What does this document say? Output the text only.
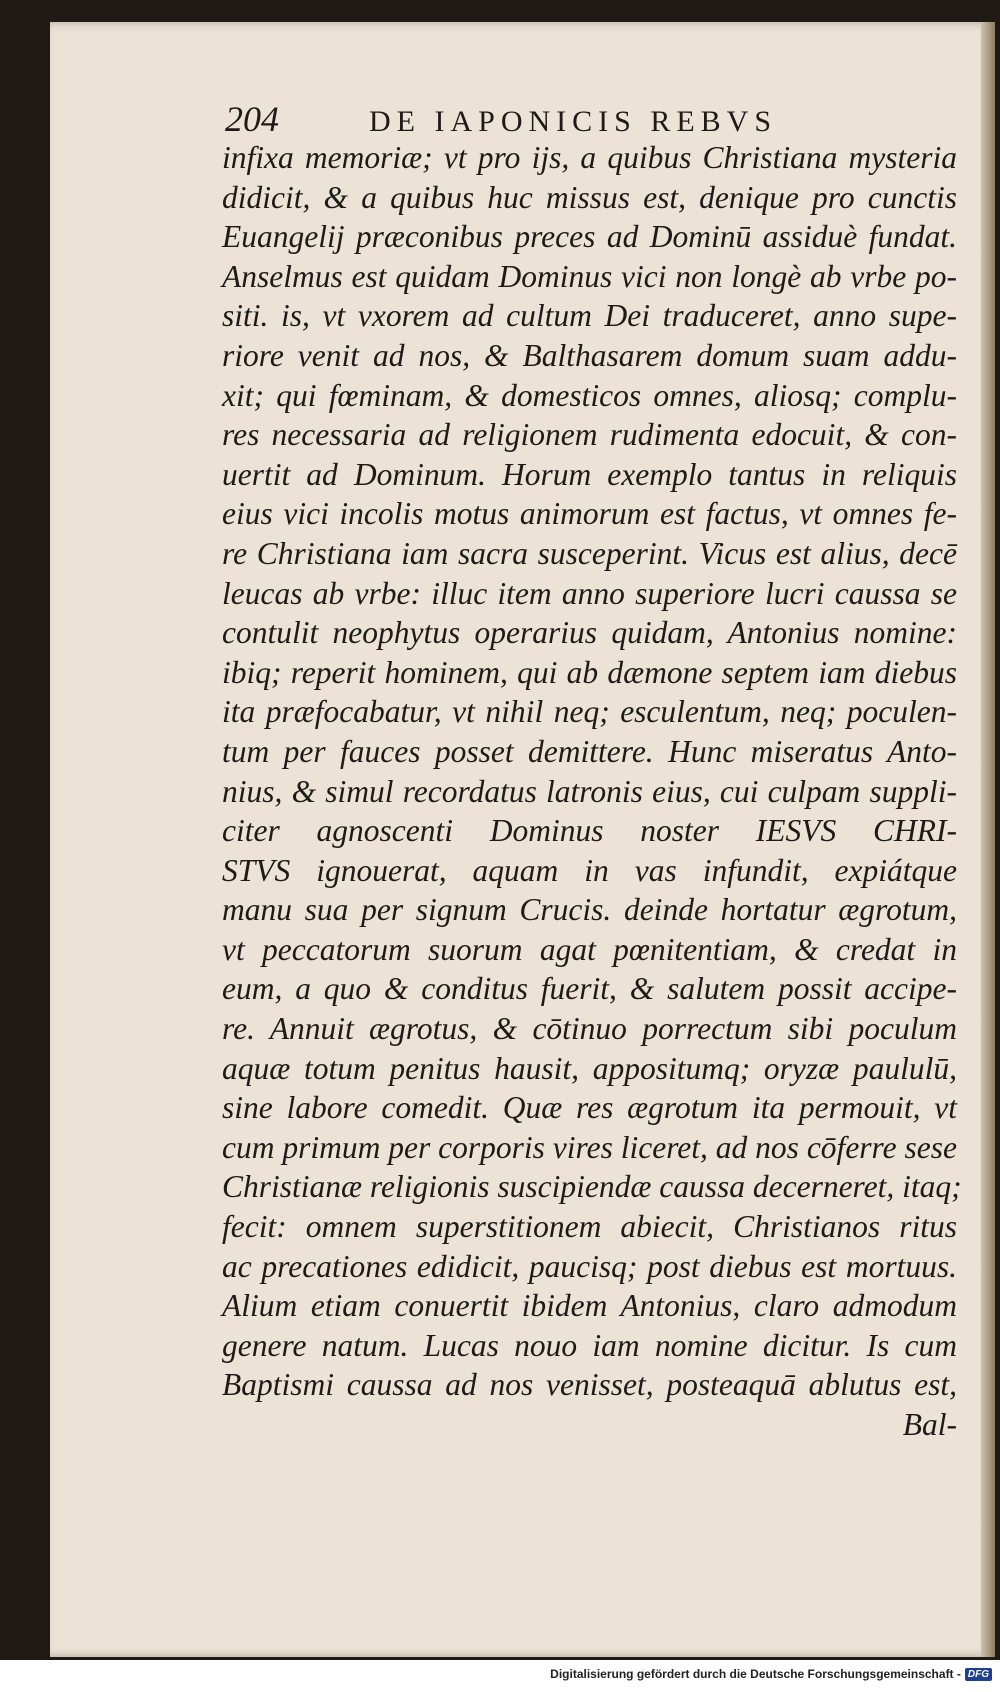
204	DE IAPONICIS REBVS
infixa memoriæ; vt pro ijs, a quibus Christiana mysteria
didicit, & a quibus huc missus est, denique pro cunctis
Euangelij præconibus preces ad Dominū assiduè fundat.
Anselmus est quidam Dominus vici non longè ab vrbe po-
siti. is, vt vxorem ad cultum Dei traduceret, anno supe-
riore venit ad nos, & Balthasarem domum suam addu-
xit; qui fœminam, & domesticos omnes, aliosq; complu-
res necessaria ad religionem rudimenta edocuit, & con-
uertit ad Dominum. Horum exemplo tantus in reliquis
eius vici incolis motus animorum est factus, vt omnes fe-
re Christiana iam sacra susceperint. Vicus est alius, decē
leucas ab vrbe: illuc item anno superiore lucri caussa se
contulit neophytus operarius quidam, Antonius nomine:
ibiq; reperit hominem, qui ab dæmone septem iam diebus
ita præfocabatur, vt nihil neq; esculentum, neq; poculen-
tum per fauces posset demittere. Hunc miseratus Anto-
nius, & simul recordatus latronis eius, cui culpam suppli-
citer agnoscenti Dominus noster IESVS CHRI-
STVS ignouerat, aquam in vas infundit, expiátque
manu sua per signum Crucis. deinde hortatur ægrotum,
vt peccatorum suorum agat pœnitentiam, & credat in
eum, a quo & conditus fuerit, & salutem possit accipe-
re. Annuit ægrotus, & cōtinuo porrectum sibi poculum
aquæ totum penitus hausit, appositumq; oryzæ paululū,
sine labore comedit. Quæ res ægrotum ita permouit, vt
cum primum per corporis vires liceret, ad nos cōferre sese
Christianæ religionis suscipiendæ caussa decerneret, itaq;
fecit: omnem superstitionem abiecit, Christianos ritus
ac precationes edidicit, paucisq; post diebus est mortuus.
Alium etiam conuertit ibidem Antonius, claro admodum
genere natum. Lucas nouo iam nomine dicitur. Is cum
Baptismi caussa ad nos venisset, posteaquā ablutus est,
Bal-
Digitalisierung gefördert durch die Deutsche Forschungsgemeinschaft - DFG
